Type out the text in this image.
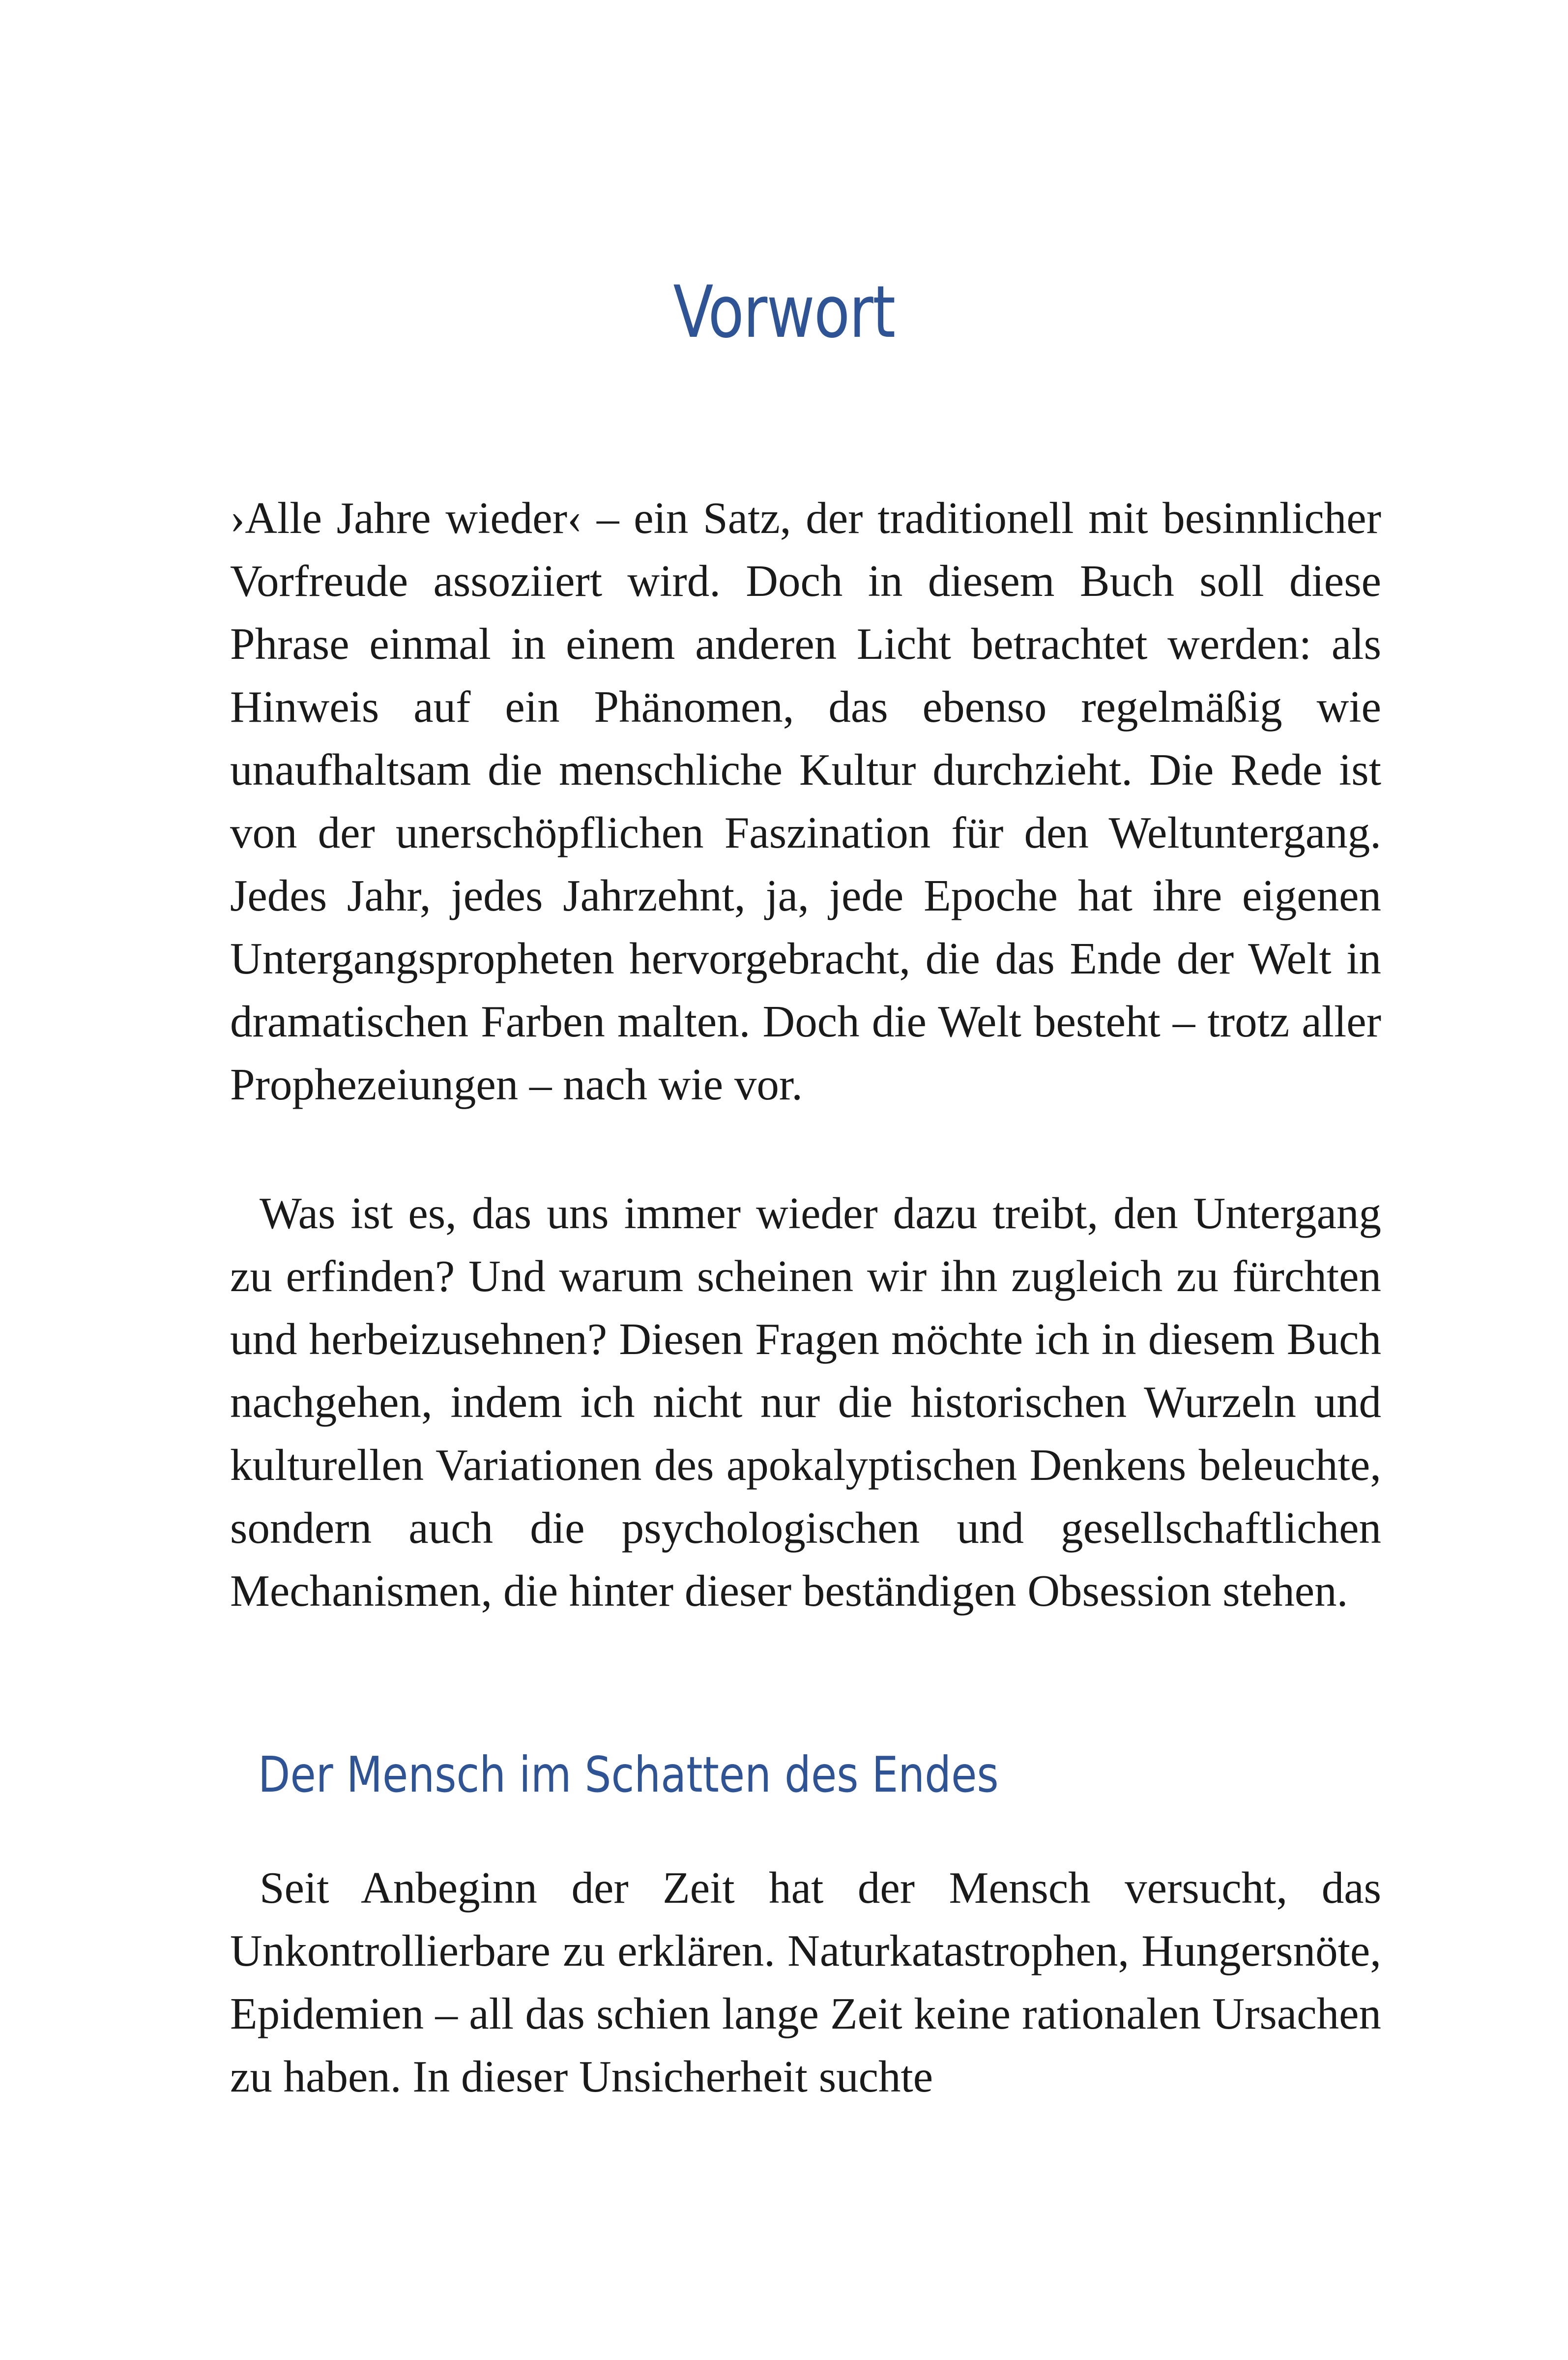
Vorwort

›Alle Jahre wieder‹ – ein Satz, der traditionell mit besinnlicher Vorfreude assoziiert wird. Doch in diesem Buch soll diese Phrase einmal in einem anderen Licht betrachtet werden: als Hinweis auf ein Phänomen, das ebenso regelmäßig wie unaufhaltsam die menschliche Kultur durchzieht. Die Rede ist von der unerschöpflichen Faszination für den Weltuntergang. Jedes Jahr, jedes Jahrzehnt, ja, jede Epoche hat ihre eigenen Untergangspropheten hervorgebracht, die das Ende der Welt in dramatischen Farben malten. Doch die Welt besteht – trotz aller Prophezeiungen – nach wie vor.

Was ist es, das uns immer wieder dazu treibt, den Untergang zu erfinden? Und warum scheinen wir ihn zugleich zu fürchten und herbeizusehnen? Diesen Fragen möchte ich in diesem Buch nachgehen, indem ich nicht nur die historischen Wurzeln und kulturellen Variationen des apokalyptischen Denkens beleuchte, sondern auch die psychologischen und gesellschaftlichen Mechanismen, die hinter dieser beständigen Obsession stehen.

Der Mensch im Schatten des Endes

Seit Anbeginn der Zeit hat der Mensch versucht, das Unkontrollierbare zu erklären. Naturkatastrophen, Hungersnöte, Epidemien – all das schien lange Zeit keine rationalen Ursachen zu haben. In dieser Unsicherheit suchte
